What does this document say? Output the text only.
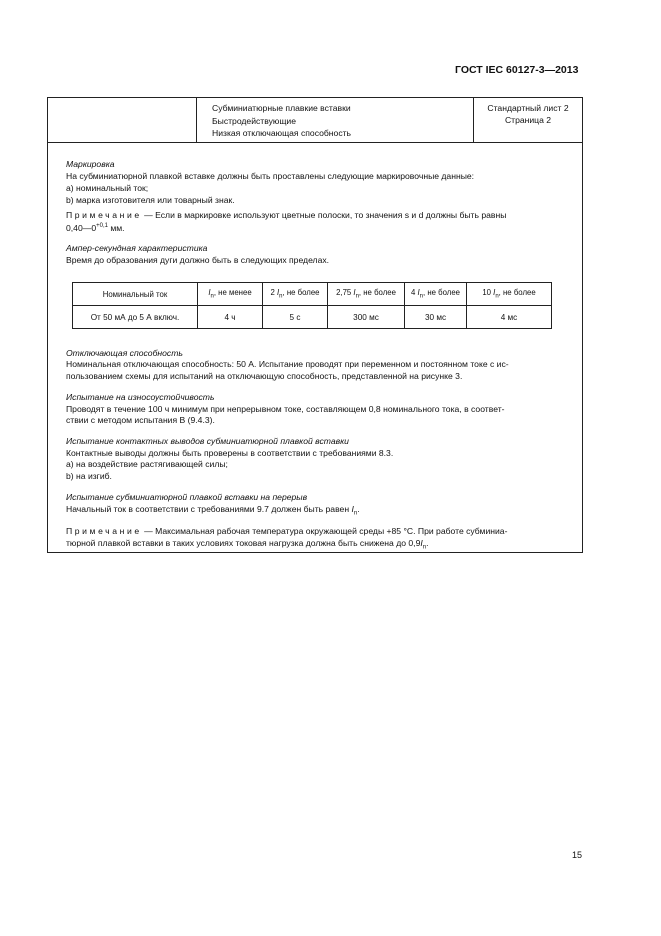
ГОСТ IEC 60127-3—2013
Субминиатюрные плавкие вставки
Быстродействующие
Низкая отключающая способность
Стандартный лист 2
Страница 2
Маркировка
На субминиатюрной плавкой вставке должны быть проставлены следующие маркировочные данные:
a) номинальный ток;
b) марка изготовителя или товарный знак.
Примечание — Если в маркировке используют цветные полоски, то значения s и d должны быть равны
$0,40—0^{+0,1}$ мм.
Ампер-секундная характеристика
Время до образования дуги должно быть в следующих пределах.
Номинальный ток	$I_n$, не менее	2 $I_n$, не более	2,75 $I_n$, не более	4 $I_n$, не более	10 $I_n$, не более
От 50 мА до 5 А включ.	4 ч	5 с	300 мс	30 мс	4 мс
Отключающая способность
Номинальная отключающая способность: 50 А. Испытание проводят при переменном и постоянном токе с ис-
пользованием схемы для испытаний на отключающую способность, представленной на рисунке 3.
Испытание на износоустойчивость
Проводят в течение 100 ч минимум при непрерывном токе, составляющем 0,8 номинального тока, в соответ-
ствии с методом испытания В (9.4.3).
Испытание контактных выводов субминиатюрной плавкой вставки
Контактные выводы должны быть проверены в соответствии с требованиями 8.3.
a) на воздействие растягивающей силы;
b) на изгиб.
Испытание субминиатюрной плавкой вставки на перерыв
Начальный ток в соответствии с требованиями 9.7 должен быть равен $I_n$.
Примечание — Максимальная рабочая температура окружающей среды +85 °С. При работе субминиа-
тюрной плавкой вставки в таких условиях токовая нагрузка должна быть снижена до $0,9I_n$.
15
